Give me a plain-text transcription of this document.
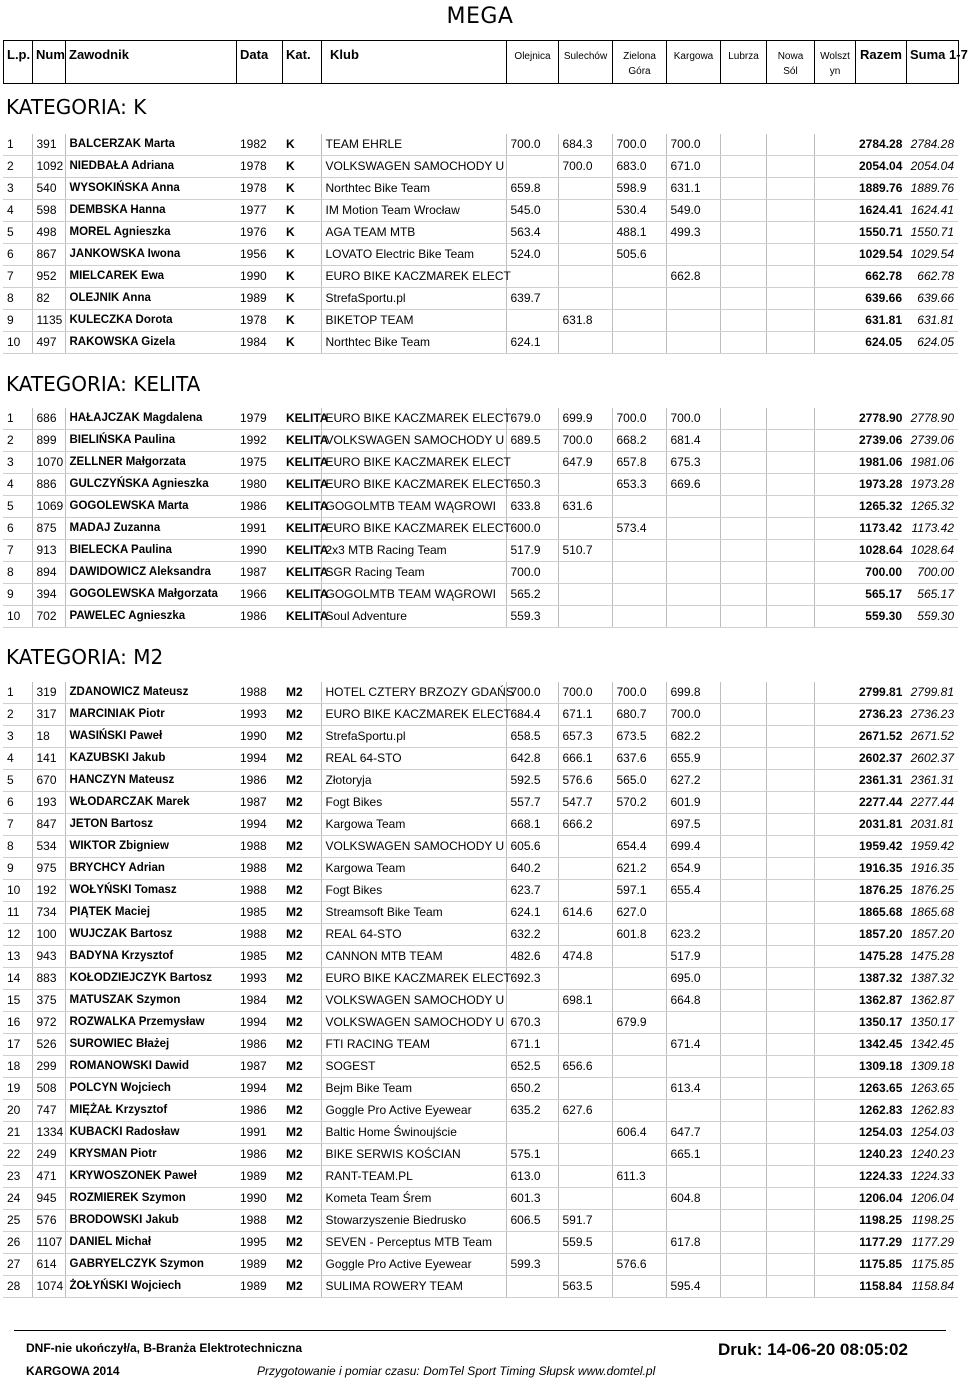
MEGA
L.p.	Num	Zawodnik	Data	Kat.	Klub	Olejnica	Sulechów	Zielona Góra	Kargowa	Lubrza	Nowa Sól	Wolsztyn	Razem	Suma 1-7
KATEGORIA: K
1	391	BALCERZAK Marta	1982	K	TEAM EHRLE	700.0	684.3	700.0	700.0				2784.28	2784.28
2	1092	NIEDBAŁA Adriana	1978	K	VOLKSWAGEN SAMOCHODY U		700.0	683.0	671.0				2054.04	2054.04
3	540	WYSOKIŃSKA Anna	1978	K	Northtec Bike Team	659.8		598.9	631.1				1889.76	1889.76
4	598	DEMBSKA Hanna	1977	K	IM Motion Team Wrocław	545.0		530.4	549.0				1624.41	1624.41
5	498	MOREL Agnieszka	1976	K	AGA TEAM MTB	563.4		488.1	499.3				1550.71	1550.71
6	867	JANKOWSKA Iwona	1956	K	LOVATO Electric Bike Team	524.0		505.6					1029.54	1029.54
7	952	MIELCAREK Ewa	1990	K	EURO BIKE KACZMAREK ELECT				662.8				662.78	662.78
8	82	OLEJNIK Anna	1989	K	StrefaSportu.pl	639.7							639.66	639.66
9	1135	KULECZKA Dorota	1978	K	BIKETOP TEAM		631.8						631.81	631.81
10	497	RAKOWSKA Gizela	1984	K	Northtec Bike Team	624.1							624.05	624.05
KATEGORIA: KELITA
1	686	HAŁAJCZAK Magdalena	1979	KELITA	EURO BIKE KACZMAREK ELECT	679.0	699.9	700.0	700.0				2778.90	2778.90
2	899	BIELIŃSKA Paulina	1992	KELITA	VOLKSWAGEN SAMOCHODY U	689.5	700.0	668.2	681.4				2739.06	2739.06
3	1070	ZELLNER Małgorzata	1975	KELITA	EURO BIKE KACZMAREK ELECT		647.9	657.8	675.3				1981.06	1981.06
4	886	GULCZYŃSKA Agnieszka	1980	KELITA	EURO BIKE KACZMAREK ELECT	650.3		653.3	669.6				1973.28	1973.28
5	1069	GOGOLEWSKA Marta	1986	KELITA	GOGOLMTB TEAM WĄGROWI	633.8	631.6						1265.32	1265.32
6	875	MADAJ Zuzanna	1991	KELITA	EURO BIKE KACZMAREK ELECT	600.0		573.4					1173.42	1173.42
7	913	BIELECKA Paulina	1990	KELITA	2x3 MTB Racing Team	517.9	510.7						1028.64	1028.64
8	894	DAWIDOWICZ Aleksandra	1987	KELITA	SGR Racing Team	700.0							700.00	700.00
9	394	GOGOLEWSKA Małgorzata	1966	KELITA	GOGOLMTB TEAM WĄGROWI	565.2							565.17	565.17
10	702	PAWELEC Agnieszka	1986	KELITA	Soul Adventure	559.3							559.30	559.30
KATEGORIA: M2
1	319	ZDANOWICZ Mateusz	1988	M2	HOTEL CZTERY BRZOZY GDAŃS	700.0	700.0	700.0	699.8				2799.81	2799.81
2	317	MARCINIAK Piotr	1993	M2	EURO BIKE KACZMAREK ELECT	684.4	671.1	680.7	700.0				2736.23	2736.23
3	18	WASIŃSKI Paweł	1990	M2	StrefaSportu.pl	658.5	657.3	673.5	682.2				2671.52	2671.52
4	141	KAZUBSKI Jakub	1994	M2	REAL 64-STO	642.8	666.1	637.6	655.9				2602.37	2602.37
5	670	HANCZYN Mateusz	1986	M2	Złotoryja	592.5	576.6	565.0	627.2				2361.31	2361.31
6	193	WŁODARCZAK Marek	1987	M2	Fogt Bikes	557.7	547.7	570.2	601.9				2277.44	2277.44
7	847	JETON Bartosz	1994	M2	Kargowa Team	668.1	666.2		697.5				2031.81	2031.81
8	534	WIKTOR Zbigniew	1988	M2	VOLKSWAGEN SAMOCHODY U	605.6		654.4	699.4				1959.42	1959.42
9	975	BRYCHCY Adrian	1988	M2	Kargowa Team	640.2		621.2	654.9				1916.35	1916.35
10	192	WOŁYŃSKI Tomasz	1988	M2	Fogt Bikes	623.7		597.1	655.4				1876.25	1876.25
11	734	PIĄTEK Maciej	1985	M2	Streamsoft Bike Team	624.1	614.6	627.0					1865.68	1865.68
12	100	WUJCZAK Bartosz	1988	M2	REAL 64-STO	632.2		601.8	623.2				1857.20	1857.20
13	943	BADYNA Krzysztof	1985	M2	CANNON MTB TEAM	482.6	474.8		517.9				1475.28	1475.28
14	883	KOŁODZIEJCZYK Bartosz	1993	M2	EURO BIKE KACZMAREK ELECT	692.3			695.0				1387.32	1387.32
15	375	MATUSZAK Szymon	1984	M2	VOLKSWAGEN SAMOCHODY U		698.1		664.8				1362.87	1362.87
16	972	ROZWALKA Przemysław	1994	M2	VOLKSWAGEN SAMOCHODY U	670.3		679.9					1350.17	1350.17
17	526	SUROWIEC Błażej	1986	M2	FTI RACING TEAM	671.1			671.4				1342.45	1342.45
18	299	ROMANOWSKI Dawid	1987	M2	SOGEST	652.5	656.6						1309.18	1309.18
19	508	POLCYN Wojciech	1994	M2	Bejm Bike Team	650.2			613.4				1263.65	1263.65
20	747	MIĘŻAŁ Krzysztof	1986	M2	Goggle Pro Active Eyewear	635.2	627.6						1262.83	1262.83
21	1334	KUBACKI Radosław	1991	M2	Baltic Home Świnoujście			606.4	647.7				1254.03	1254.03
22	249	KRYSMAN Piotr	1986	M2	BIKE SERWIS KOŚCIAN	575.1			665.1				1240.23	1240.23
23	471	KRYWOSZONEK Paweł	1989	M2	RANT-TEAM.PL	613.0		611.3					1224.33	1224.33
24	945	ROZMIEREK Szymon	1990	M2	Kometa Team Śrem	601.3			604.8				1206.04	1206.04
25	576	BRODOWSKI Jakub	1988	M2	Stowarzyszenie Biedrusko	606.5	591.7						1198.25	1198.25
26	1107	DANIEL Michał	1995	M2	SEVEN - Perceptus MTB Team		559.5		617.8				1177.29	1177.29
27	614	GABRYELCZYK Szymon	1989	M2	Goggle Pro Active Eyewear	599.3		576.6					1175.85	1175.85
28	1074	ŻOŁYŃSKI Wojciech	1989	M2	SULIMA ROWERY TEAM		563.5		595.4				1158.84	1158.84
DNF-nie ukończył/a, B-Branża Elektrotechniczna
KARGOWA 2014	Przygotowanie i pomiar czasu: DomTel Sport Timing Słupsk www.domtel.pl
Druk: 14-06-20 08:05:02
